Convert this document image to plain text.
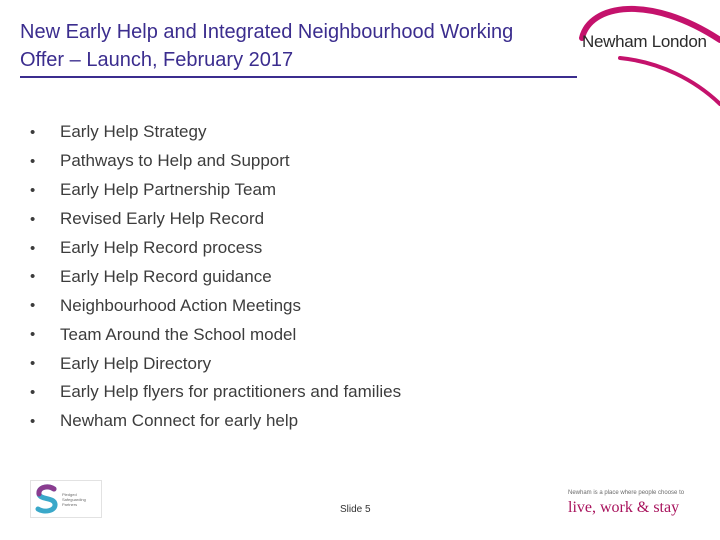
New Early Help and Integrated Neighbourhood Working
Offer – Launch, February 2017
Newham London
•	Early Help Strategy
•	Pathways to Help and Support
•	Early Help Partnership Team
•	Revised Early Help Record
•	Early Help Record process
•	Early Help Record guidance
•	Neighbourhood Action Meetings
•	Team Around the School model
•	Early Help Directory
•	Early Help flyers for practitioners and families
•	Newham Connect for early help
Pledged
Safeguarding
Partners	Slide 5
Newham is a place where people choose to
live, work & stay
